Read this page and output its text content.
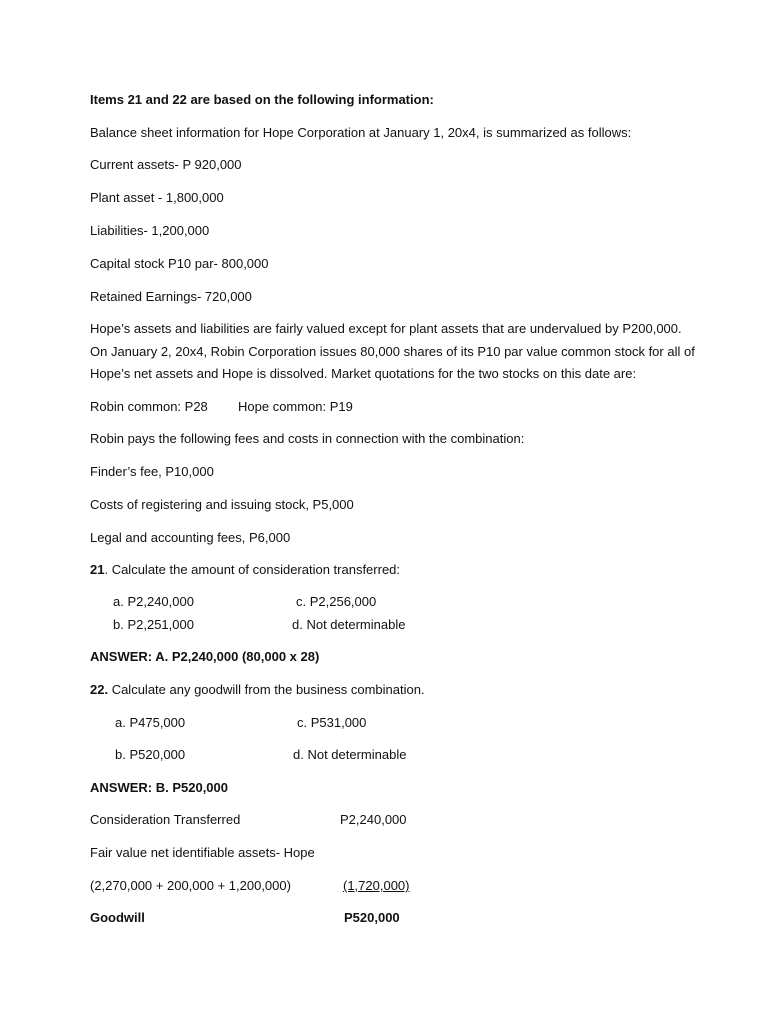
Items 21 and 22 are based on the following information:
Balance sheet information for Hope Corporation at January 1, 20x4, is summarized as follows:
Current assets- P 920,000
Plant asset - 1,800,000
Liabilities- 1,200,000
Capital stock P10 par- 800,000
Retained Earnings- 720,000
Hope’s assets and liabilities are fairly valued except for plant assets that are undervalued by P200,000.
On January 2, 20x4, Robin Corporation issues 80,000 shares of its P10 par value common stock for all of
Hope’s net assets and Hope is dissolved. Market quotations for the two stocks on this date are:
Robin common: P28 Hope common: P19
Robin pays the following fees and costs in connection with the combination:
Finder’s fee, P10,000
Costs of registering and issuing stock, P5,000
Legal and accounting fees, P6,000
21. Calculate the amount of consideration transferred:
a. P2,240,000	c. P2,256,000
b. P2,251,000	d. Not determinable
ANSWER: A. P2,240,000 (80,000 x 28)
22. Calculate any goodwill from the business combination.
a. P475,000	c. P531,000
b. P520,000	d. Not determinable
ANSWER: B. P520,000
Consideration Transferred	P2,240,000
Fair value net identifiable assets- Hope
(2,270,000 + 200,000 + 1,200,000)	(1,720,000)
Goodwill	P520,000
